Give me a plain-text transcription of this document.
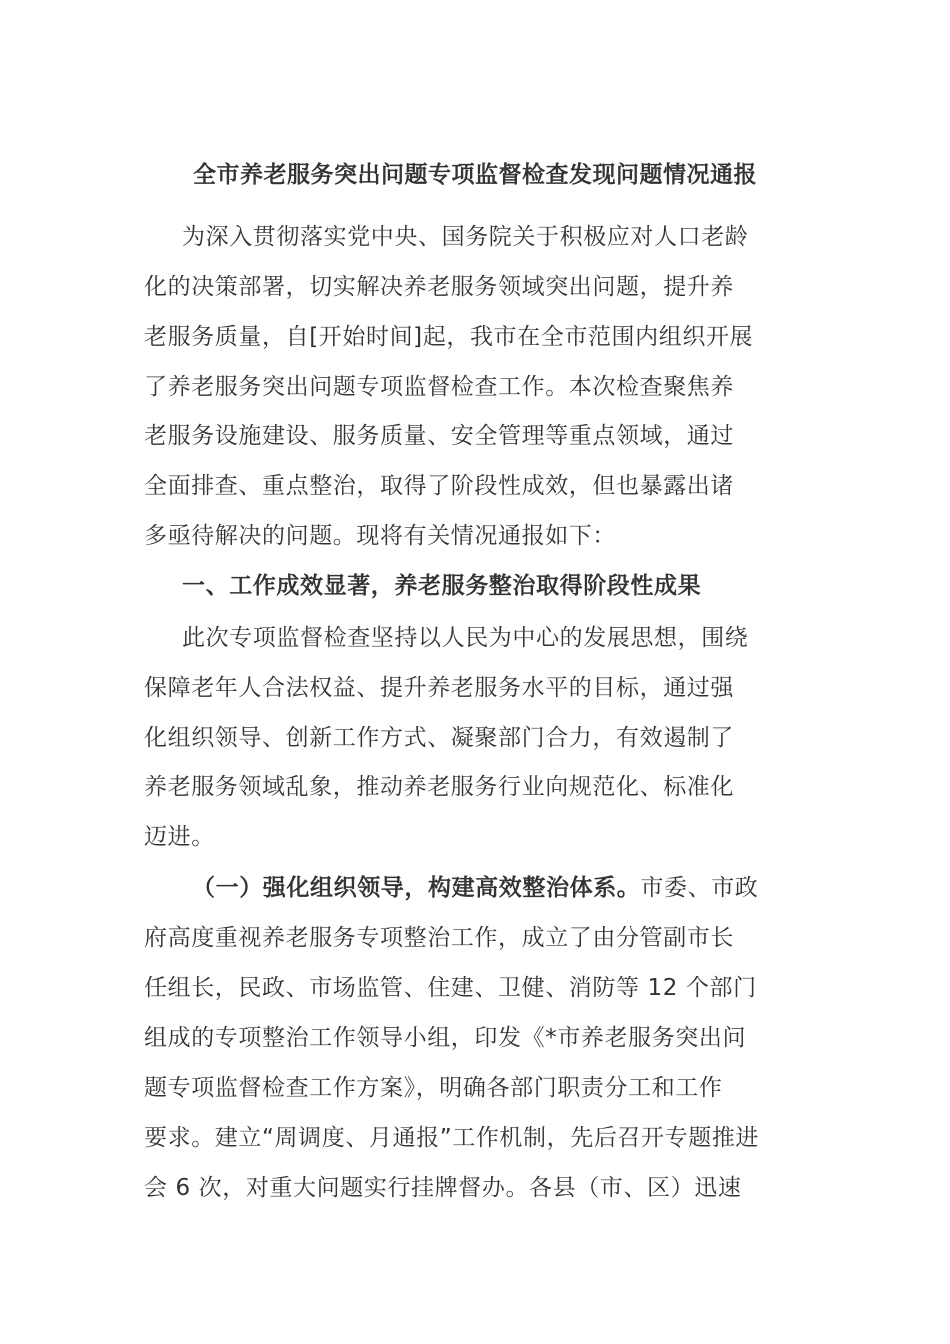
全市养老服务突出问题专项监督检查发现问题情况通报
为深入贯彻落实党中央、国务院关于积极应对人口老龄
化的决策部署，切实解决养老服务领域突出问题，提升养
老服务质量，自[开始时间]起，我市在全市范围内组织开展
了养老服务突出问题专项监督检查工作。本次检查聚焦养
老服务设施建设、服务质量、安全管理等重点领域，通过
全面排查、重点整治，取得了阶段性成效，但也暴露出诸
多亟待解决的问题。现将有关情况通报如下：
一、工作成效显著，养老服务整治取得阶段性成果
此次专项监督检查坚持以人民为中心的发展思想，围绕
保障老年人合法权益、提升养老服务水平的目标，通过强
化组织领导、创新工作方式、凝聚部门合力，有效遏制了
养老服务领域乱象，推动养老服务行业向规范化、标准化
迈进。
（一）强化组织领导，构建高效整治体系。市委、市政
府高度重视养老服务专项整治工作，成立了由分管副市长
任组长，民政、市场监管、住建、卫健、消防等 12 个部门
组成的专项整治工作领导小组，印发《*市养老服务突出问
题专项监督检查工作方案》，明确各部门职责分工和工作
要求。建立“周调度、月通报”工作机制，先后召开专题推进
会 6 次，对重大问题实行挂牌督办。各县（市、区）迅速
